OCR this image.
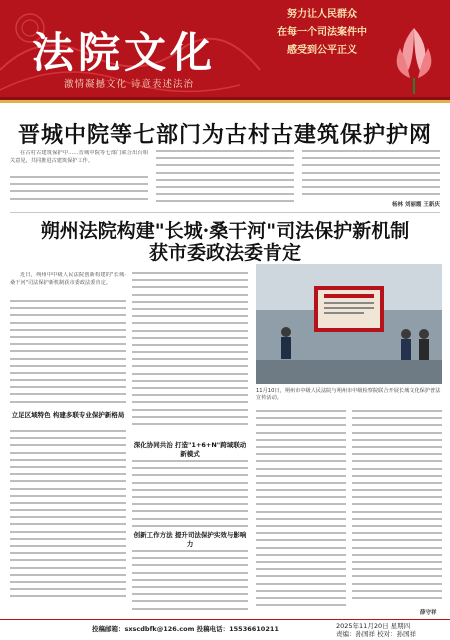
法院文化
激情凝撼文化 诗意表述法治
努力让人民群众
在每一个司法案件中
感受到公平正义
晋城中院等七部门为古村古建筑保护护网

在古村古建筑保护中……晋城中院等七部门联合出台相关意见，共同推进古建筑保护工作。

杨林 刘丽霞 王新庆
朔州法院构建"长城·桑干河"司法保护新机制
获市委政法委肯定

近日，朔州中中级人民法院创新构建的"长城·桑干河"司法保护新机制获市委政法委肯定。

立足区域特色 构建多联专业保护新格局
深化协同共治 打造"1+6+N"跨域联动新模式
创新工作方法 提升司法保护实效与影响力
11月10日，朔州市中级人民法院与朔州市中级检察院联合开展长城文化保护普法宣传活动。
薛守祥
投稿邮箱：sxscdbfk@126.com 投稿电话：15536610211	2025年11月20日 星期四
责编：孙国祥 校对：孙国祥
